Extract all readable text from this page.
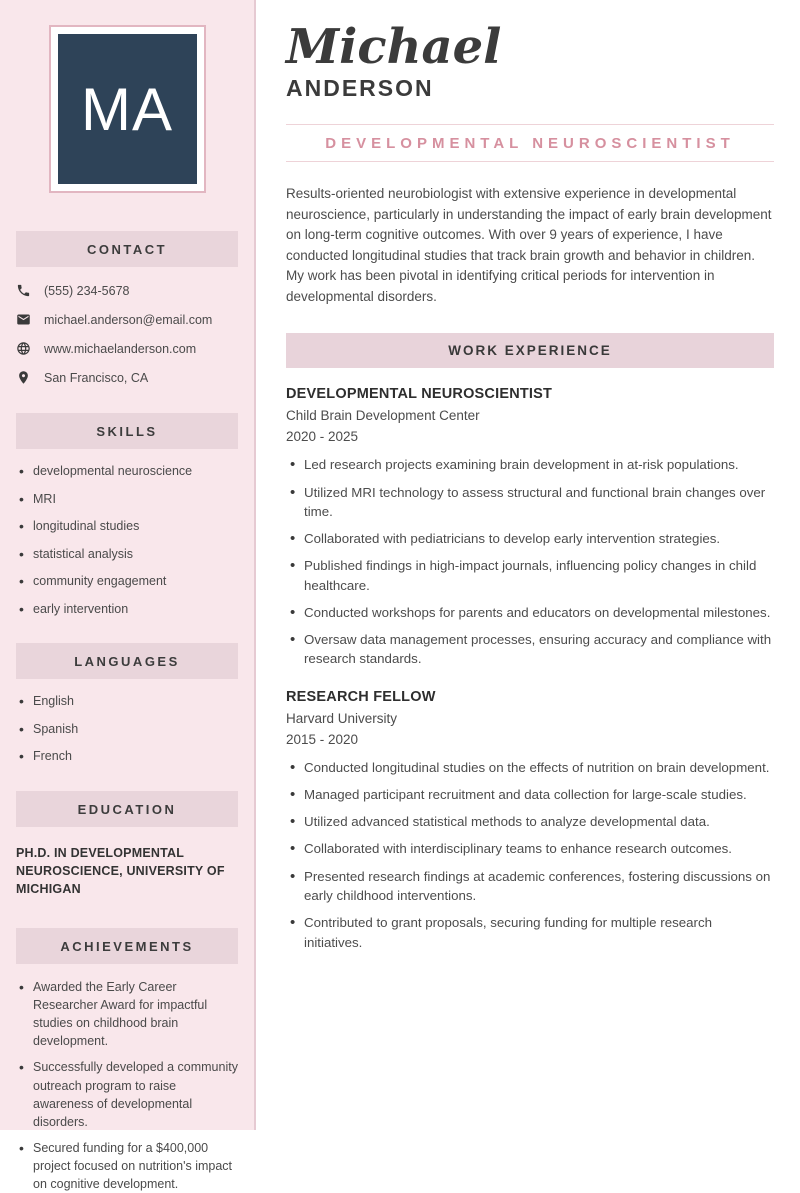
MA
CONTACT
(555) 234-5678
michael.anderson@email.com
www.michaelanderson.com
San Francisco, CA
SKILLS
• developmental neuroscience
• MRI
• longitudinal studies
• statistical analysis
• community engagement
• early intervention
LANGUAGES
• English
• Spanish
• French
EDUCATION
PH.D. IN DEVELOPMENTAL NEUROSCIENCE, UNIVERSITY OF MICHIGAN
ACHIEVEMENTS
• Awarded the Early Career Researcher Award for impactful studies on childhood brain development.
• Successfully developed a community outreach program to raise awareness of developmental disorders.
• Secured funding for a $400,000 project focused on nutrition's impact on cognitive development.
Michael
ANDERSON
DEVELOPMENTAL NEUROSCIENTIST

Results-oriented neurobiologist with extensive experience in developmental neuroscience, particularly in understanding the impact of early brain development on long-term cognitive outcomes. With over 9 years of experience, I have conducted longitudinal studies that track brain growth and behavior in children. My work has been pivotal in identifying critical periods for intervention in developmental disorders.

WORK EXPERIENCE
DEVELOPMENTAL NEUROSCIENTIST
Child Brain Development Center
2020 - 2025
• Led research projects examining brain development in at-risk populations.
• Utilized MRI technology to assess structural and functional brain changes over time.
• Collaborated with pediatricians to develop early intervention strategies.
• Published findings in high-impact journals, influencing policy changes in child healthcare.
• Conducted workshops for parents and educators on developmental milestones.
• Oversaw data management processes, ensuring accuracy and compliance with research standards.
RESEARCH FELLOW
Harvard University
2015 - 2020
• Conducted longitudinal studies on the effects of nutrition on brain development.
• Managed participant recruitment and data collection for large-scale studies.
• Utilized advanced statistical methods to analyze developmental data.
• Collaborated with interdisciplinary teams to enhance research outcomes.
• Presented research findings at academic conferences, fostering discussions on early childhood interventions.
• Contributed to grant proposals, securing funding for multiple research initiatives.
